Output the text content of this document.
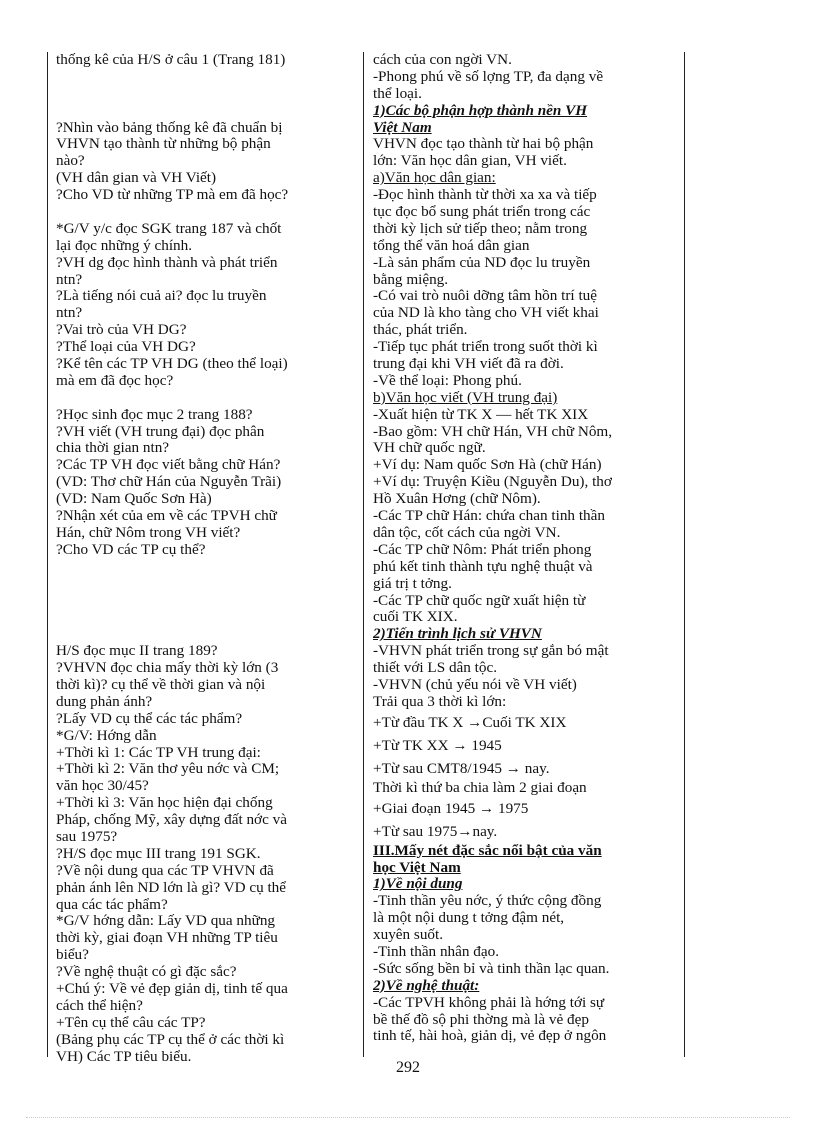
thống kê của H/S ở câu 1 (Trang 181)
?Nhìn vào bảng thống kê đã chuẩn bị
VHVN tạo thành từ những bộ phận
nào?
(VH dân gian và VH Viết)
?Cho VD từ những TP mà em đã học?
*G/V y/c đọc SGK trang 187 và chốt
lại đọc những ý chính.
?VH dg đọc hình thành và phát triển
ntn?
?Là tiếng nói cuả ai? đọc lu truyền
ntn?
?Vai trò của VH DG?
?Thể loại của VH DG?
?Kể tên các TP VH DG (theo thể loại)
mà em đã đọc học?
?Học sinh đọc mục 2 trang 188?
?VH viết (VH trung đại) đọc phân
chia thời gian ntn?
?Các TP VH đọc viết bằng chữ Hán?
(VD: Thơ chữ Hán của Nguyễn Trãi)
(VD: Nam Quốc Sơn Hà)
?Nhận xét của em về các TPVH chữ
Hán, chữ Nôm trong VH viết?
?Cho VD các TP cụ thể?
H/S đọc mục II trang 189?
?VHVN đọc chia mấy thời kỳ lớn (3
thời kì)? cụ thể về thời gian và nội
dung phản ánh?
?Lấy VD cụ thể các tác phẩm?
*G/V: Hớng dẫn
+Thời kì 1: Các TP VH trung đại:
+Thời kì 2: Văn thơ yêu nớc và CM;
văn học 30/45?
+Thời kì 3: Văn học hiện đại chống
Pháp, chống Mỹ, xây dựng đất nớc và
sau 1975?
?H/S đọc mục III trang 191 SGK.
?Về nội dung qua các TP VHVN đã
phản ánh lên ND lớn là gì? VD cụ thể
qua các tác phẩm?
*G/V hớng dẫn: Lấy VD qua những
thời kỳ, giai đoạn VH những TP tiêu
biểu?
?Về nghệ thuật có gì đặc sắc?
+Chú ý: Về vẻ đẹp giản dị, tinh tế qua
cách thể hiện?
+Tên cụ thể câu các TP?
(Bảng phụ các TP cụ thể ở các thời kì
VH) Các TP tiêu biểu.
cách của con ngời VN.
-Phong phú về số lợng TP, đa dạng về
thể loại.
1)Các bộ phận hợp thành nền VH
Việt Nam
VHVN đọc tạo thành từ hai bộ phận
lớn: Văn học dân gian, VH viết.
a)Văn học dân gian:
-Đọc hình thành từ thời xa xa và tiếp
tục đọc bổ sung phát triển trong các
thời kỳ lịch sử tiếp theo; nằm trong
tổng thể văn hoá dân gian
-Là sản phẩm của ND đọc lu truyền
bằng miệng.
-Có vai trò nuôi dỡng tâm hồn trí tuệ
của ND là kho tàng cho VH viết khai
thác, phát triển.
-Tiếp tục phát triển trong suốt thời kì
trung đại khi VH viết đã ra đời.
-Về thể loại: Phong phú.
b)Văn học viết (VH trung đại)
-Xuất hiện từ TK X — hết TK XIX
-Bao gồm: VH chữ Hán, VH chữ Nôm,
VH chữ quốc ngữ.
+Ví dụ: Nam quốc Sơn Hà (chữ Hán)
+Ví dụ: Truyện Kiều (Nguyễn Du), thơ
Hồ Xuân Hơng (chữ Nôm).
-Các TP chữ Hán: chứa chan tinh thần
dân tộc, cốt cách của ngời VN.
-Các TP chữ Nôm: Phát triển phong
phú kết tinh thành tựu nghệ thuật và
giá trị t tởng.
-Các TP chữ quốc ngữ xuất hiện từ
cuối TK XIX.
2)Tiến trình lịch sử VHVN
-VHVN phát triển trong sự gắn bó mật
thiết với LS dân tộc.
-VHVN (chủ yếu nói về VH viết)
Trải qua 3 thời kì lớn:
+Từ đầu TK X →Cuối TK XIX
+Từ TK XX → 1945
+Từ sau CMT8/1945 → nay.
Thời kì thứ ba chia làm 2 giai đoạn
+Giai đoạn 1945 → 1975
+Từ sau 1975→nay.
III.Mấy nét đặc sắc nổi bật của văn
học Việt Nam
1)Về nội dung
-Tinh thần yêu nớc, ý thức cộng đồng
là một nội dung t tởng đậm nét,
xuyên suốt.
-Tinh thần nhân đạo.
-Sức sống bền bỉ và tinh thần lạc quan.
2)Về nghệ thuật:
-Các TPVH không phải là hớng tới sự
bề thế đồ sộ phi thờng mà là vẻ đẹp
tinh tế, hài hoà, giản dị, vẻ đẹp ở ngôn
292
